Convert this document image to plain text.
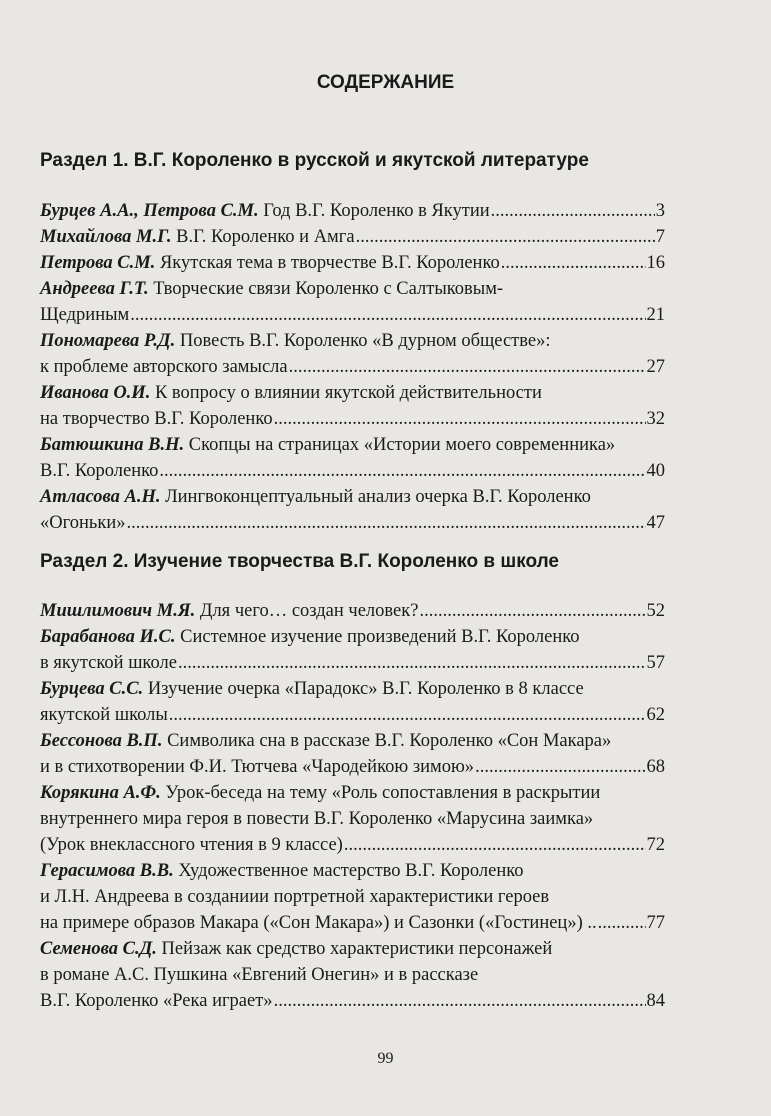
СОДЕРЖАНИЕ
Раздел 1. В.Г. Короленко в русской и якутской литературе
Бурцев А.А., Петрова С.М. Год В.Г. Короленко в Якутии .....	3
Михайлова М.Г. В.Г. Короленко и Амга .....	7
Петрова С.М. Якутская тема в творчестве В.Г. Короленко .....	16
Андреева Г.Т. Творческие связи Короленко с Салтыковым-
Щедриным .....	21
Пономарева Р.Д. Повесть В.Г. Короленко «В дурном обществе»:
к проблеме авторского замысла .....	27
Иванова О.И. К вопросу о влиянии якутской действительности
на творчество В.Г. Короленко .....	32
Батюшкина В.Н. Скопцы на страницах «Истории моего современника»
В.Г. Короленко .....	40
Атласова А.Н. Лингвоконцептуальный анализ очерка В.Г. Короленко
«Огоньки» .....	47
Раздел 2. Изучение творчества В.Г. Короленко в школе
Мишлимович М.Я. Для чего… создан человек? .....	52
Барабанова И.С. Системное изучение произведений В.Г. Короленко
в якутской школе .....	57
Бурцева С.С. Изучение очерка «Парадокс» В.Г. Короленко в 8 классе
якутской школы .....	62
Бессонова В.П. Символика сна в рассказе В.Г. Короленко «Сон Макара»
и в стихотворении Ф.И. Тютчева «Чародейкою зимою» .....	68
Корякина А.Ф. Урок-беседа на тему «Роль сопоставления в раскрытии
внутреннего мира героя в повести В.Г. Короленко «Марусина заимка»
(Урок внеклассного чтения в 9 классе) .....	72
Герасимова В.В. Художественное мастерство В.Г. Короленко
и Л.Н. Андреева в созданиии портретной характеристики героев
на примере образов Макара («Сон Макара») и Сазонки («Гостинец») .. .....	77
Семенова С.Д. Пейзаж как средство характеристики персонажей
в романе А.С. Пушкина «Евгений Онегин» и в рассказе
В.Г. Короленко «Река играет» .....	84
99
